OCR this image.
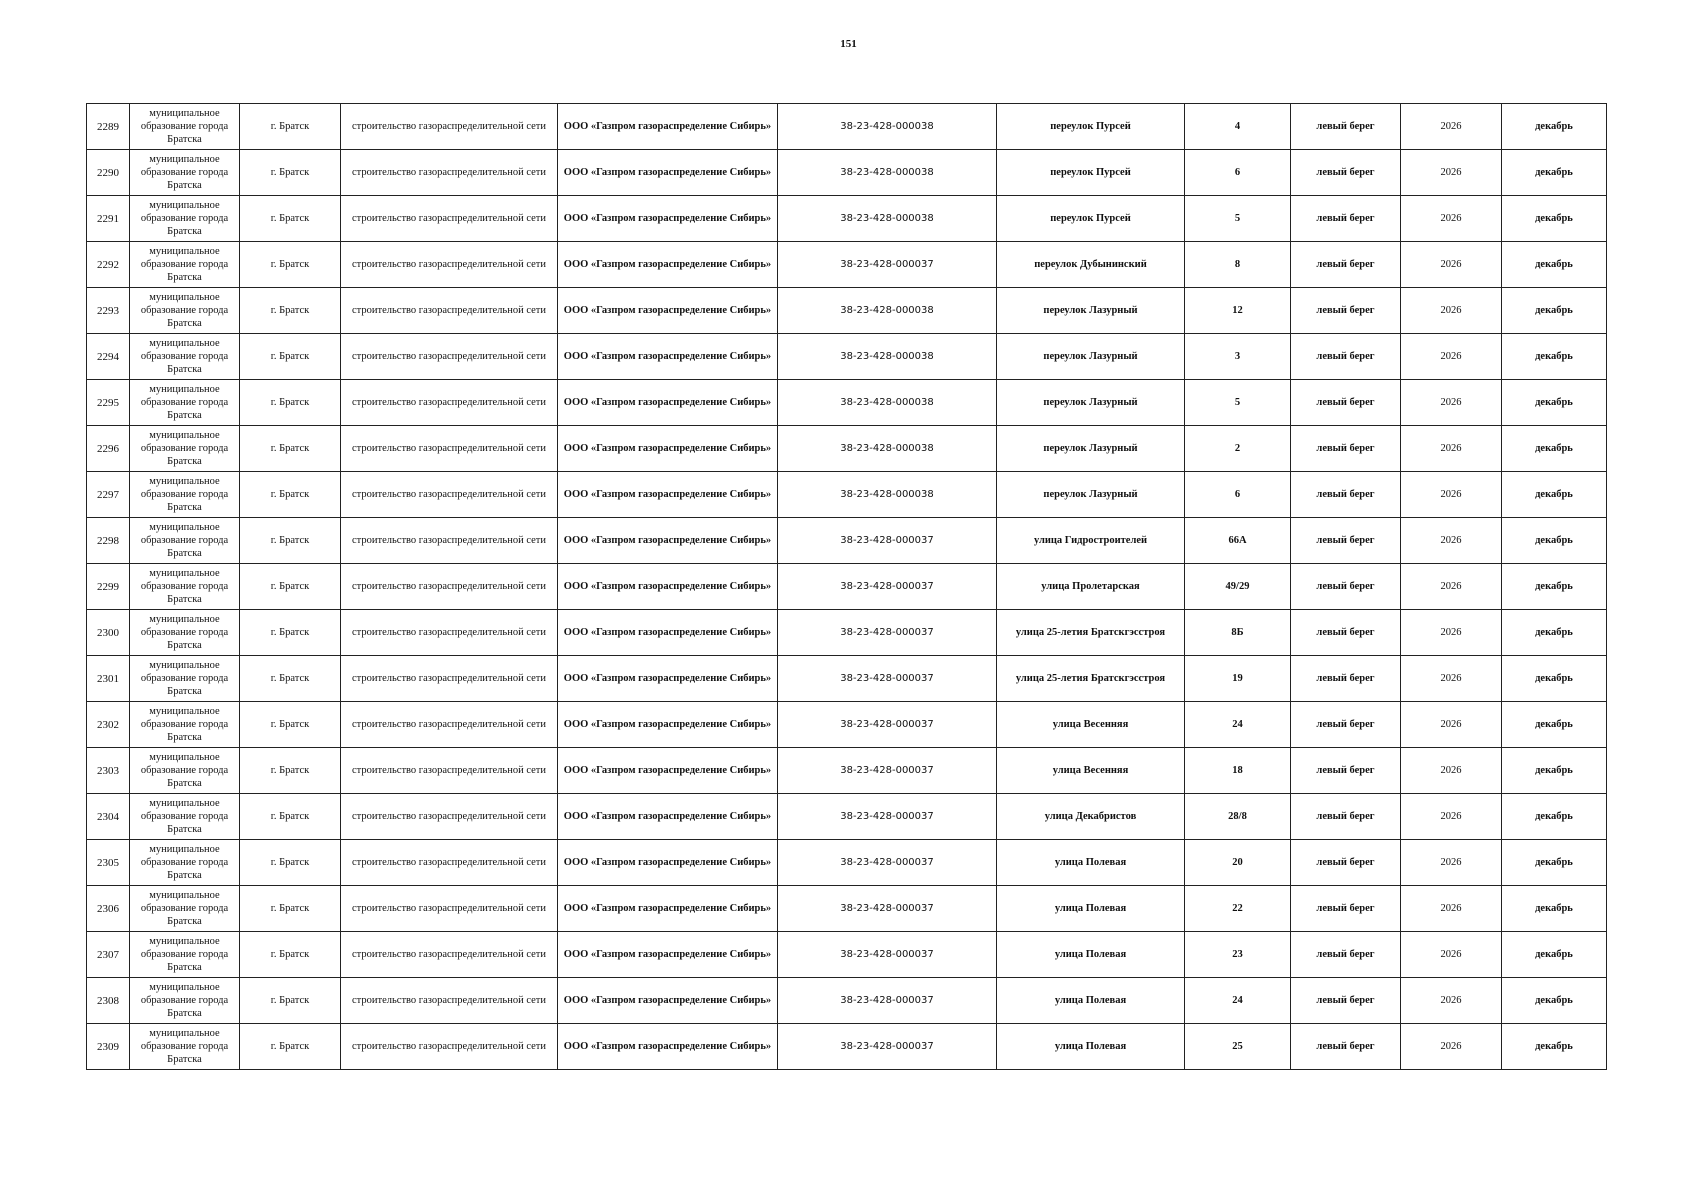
151
2289	муниципальное образование города Братска	г. Братск	строительство газораспределительной сети	ООО «Газпром газораспределение Сибирь»	38-23-428-000038	переулок Пурсей	4	левый берег	2026	декабрь
2290	муниципальное образование города Братска	г. Братск	строительство газораспределительной сети	ООО «Газпром газораспределение Сибирь»	38-23-428-000038	переулок Пурсей	6	левый берег	2026	декабрь
2291	муниципальное образование города Братска	г. Братск	строительство газораспределительной сети	ООО «Газпром газораспределение Сибирь»	38-23-428-000038	переулок Пурсей	5	левый берег	2026	декабрь
2292	муниципальное образование города Братска	г. Братск	строительство газораспределительной сети	ООО «Газпром газораспределение Сибирь»	38-23-428-000037	переулок Дубынинский	8	левый берег	2026	декабрь
2293	муниципальное образование города Братска	г. Братск	строительство газораспределительной сети	ООО «Газпром газораспределение Сибирь»	38-23-428-000038	переулок Лазурный	12	левый берег	2026	декабрь
2294	муниципальное образование города Братска	г. Братск	строительство газораспределительной сети	ООО «Газпром газораспределение Сибирь»	38-23-428-000038	переулок Лазурный	3	левый берег	2026	декабрь
2295	муниципальное образование города Братска	г. Братск	строительство газораспределительной сети	ООО «Газпром газораспределение Сибирь»	38-23-428-000038	переулок Лазурный	5	левый берег	2026	декабрь
2296	муниципальное образование города Братска	г. Братск	строительство газораспределительной сети	ООО «Газпром газораспределение Сибирь»	38-23-428-000038	переулок Лазурный	2	левый берег	2026	декабрь
2297	муниципальное образование города Братска	г. Братск	строительство газораспределительной сети	ООО «Газпром газораспределение Сибирь»	38-23-428-000038	переулок Лазурный	6	левый берег	2026	декабрь
2298	муниципальное образование города Братска	г. Братск	строительство газораспределительной сети	ООО «Газпром газораспределение Сибирь»	38-23-428-000037	улица Гидростроителей	66А	левый берег	2026	декабрь
2299	муниципальное образование города Братска	г. Братск	строительство газораспределительной сети	ООО «Газпром газораспределение Сибирь»	38-23-428-000037	улица Пролетарская	49/29	левый берег	2026	декабрь
2300	муниципальное образование города Братска	г. Братск	строительство газораспределительной сети	ООО «Газпром газораспределение Сибирь»	38-23-428-000037	улица 25-летия Братскгэсстроя	8Б	левый берег	2026	декабрь
2301	муниципальное образование города Братска	г. Братск	строительство газораспределительной сети	ООО «Газпром газораспределение Сибирь»	38-23-428-000037	улица 25-летия Братскгэсстроя	19	левый берег	2026	декабрь
2302	муниципальное образование города Братска	г. Братск	строительство газораспределительной сети	ООО «Газпром газораспределение Сибирь»	38-23-428-000037	улица Весенняя	24	левый берег	2026	декабрь
2303	муниципальное образование города Братска	г. Братск	строительство газораспределительной сети	ООО «Газпром газораспределение Сибирь»	38-23-428-000037	улица Весенняя	18	левый берег	2026	декабрь
2304	муниципальное образование города Братска	г. Братск	строительство газораспределительной сети	ООО «Газпром газораспределение Сибирь»	38-23-428-000037	улица Декабристов	28/8	левый берег	2026	декабрь
2305	муниципальное образование города Братска	г. Братск	строительство газораспределительной сети	ООО «Газпром газораспределение Сибирь»	38-23-428-000037	улица Полевая	20	левый берег	2026	декабрь
2306	муниципальное образование города Братска	г. Братск	строительство газораспределительной сети	ООО «Газпром газораспределение Сибирь»	38-23-428-000037	улица Полевая	22	левый берег	2026	декабрь
2307	муниципальное образование города Братска	г. Братск	строительство газораспределительной сети	ООО «Газпром газораспределение Сибирь»	38-23-428-000037	улица Полевая	23	левый берег	2026	декабрь
2308	муниципальное образование города Братска	г. Братск	строительство газораспределительной сети	ООО «Газпром газораспределение Сибирь»	38-23-428-000037	улица Полевая	24	левый берег	2026	декабрь
2309	муниципальное образование города Братска	г. Братск	строительство газораспределительной сети	ООО «Газпром газораспределение Сибирь»	38-23-428-000037	улица Полевая	25	левый берег	2026	декабрь
